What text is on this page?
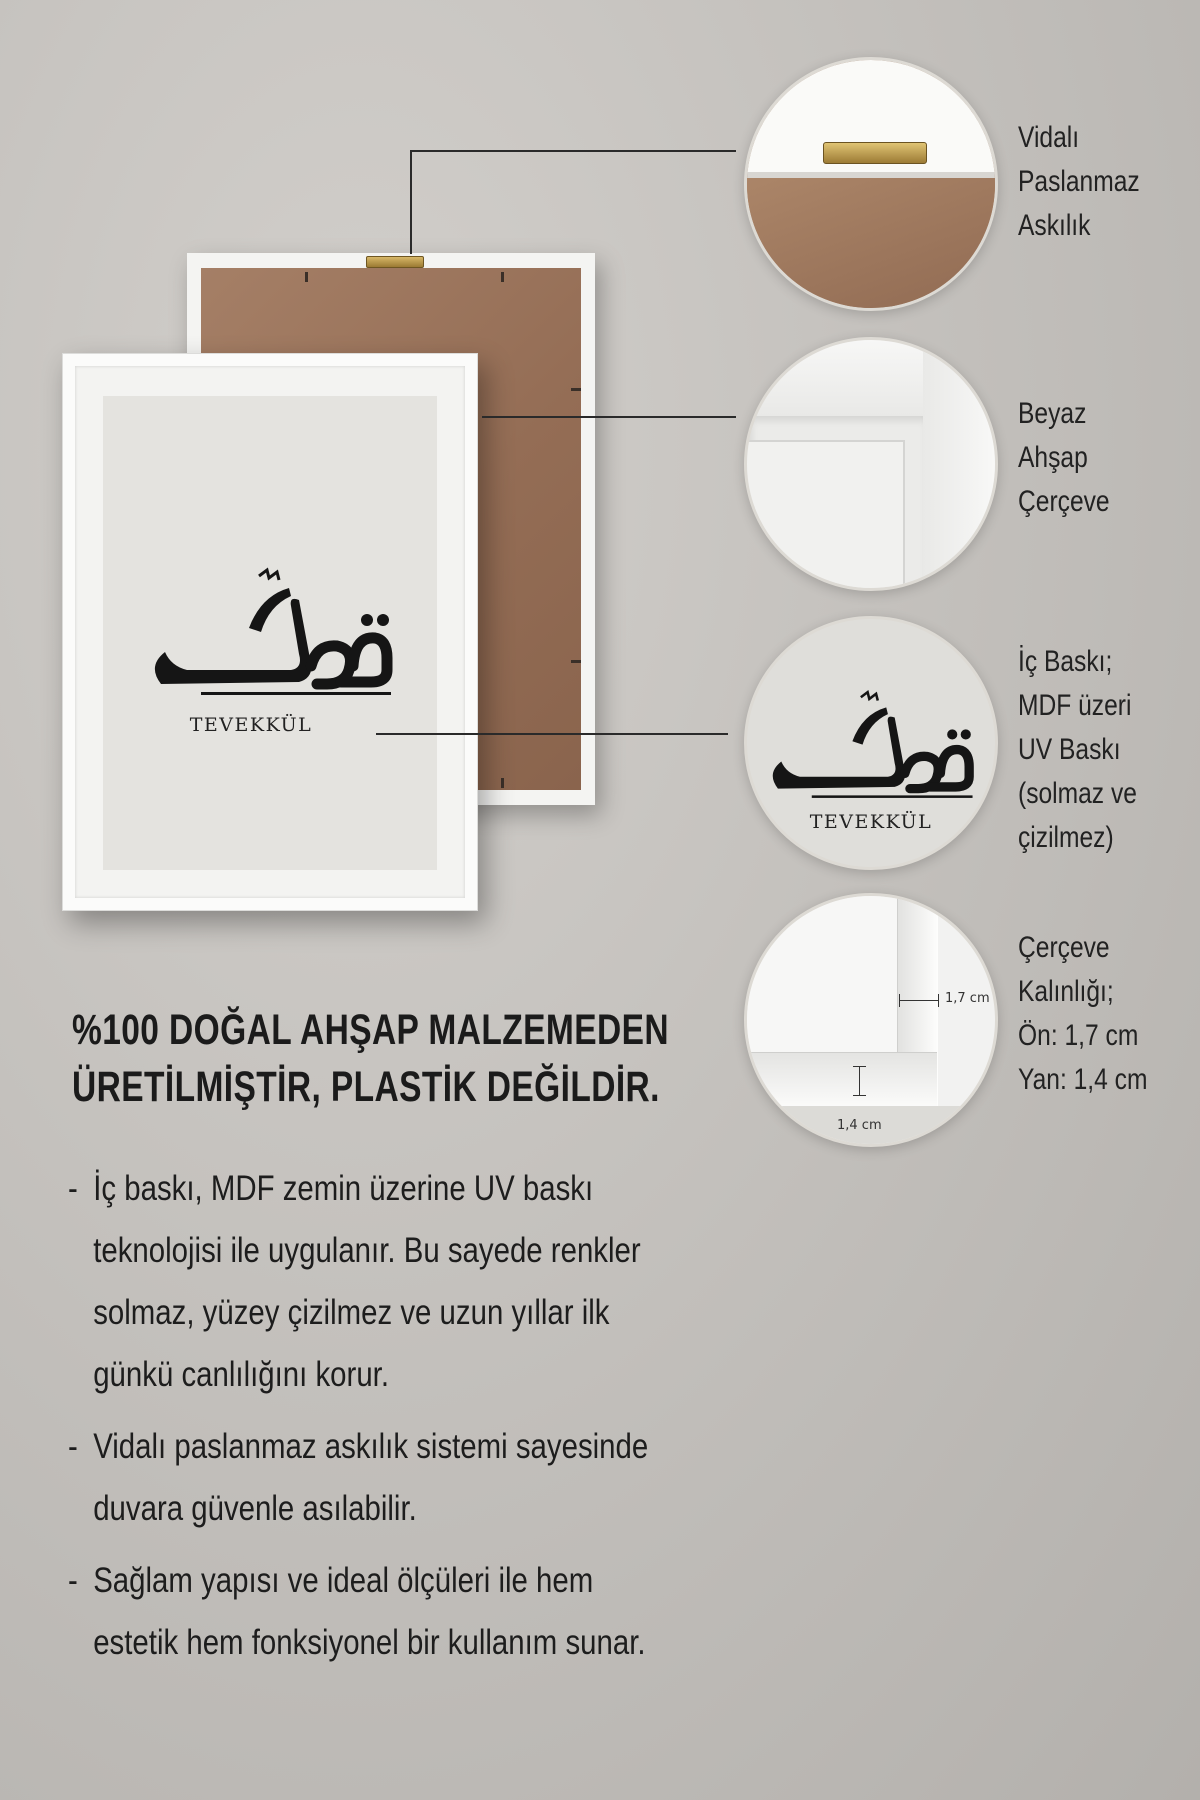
TEVEKKÜL
Vidalı
Paslanmaz
Askılık
Beyaz
Ahşap
Çerçeve
TEVEKKÜL
İç Baskı;
MDF üzeri
UV Baskı
(solmaz ve
çizilmez)
1,7 cm
1,4 cm
Çerçeve
Kalınlığı;
Ön: 1,7 cm
Yan: 1,4 cm
%100 DOĞAL AHŞAP MALZEMEDEN
ÜRETİLMİŞTİR, PLASTİK DEĞİLDİR.
- İç baskı, MDF zemin üzerine UV baskı teknolojisi ile uygulanır. Bu sayede renkler solmaz, yüzey çizilmez ve uzun yıllar ilk günkü canlılığını korur.
- Vidalı paslanmaz askılık sistemi sayesinde duvara güvenle asılabilir.
- Sağlam yapısı ve ideal ölçüleri ile hem estetik hem fonksiyonel bir kullanım sunar.
